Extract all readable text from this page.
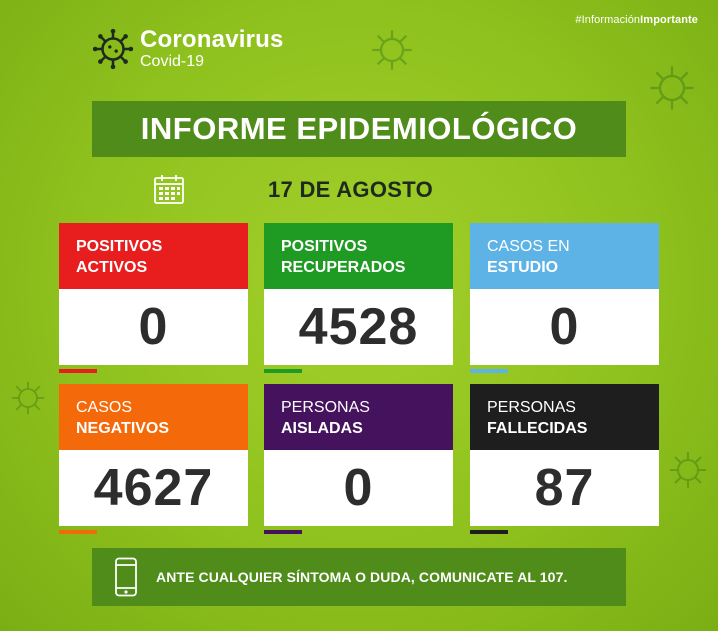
#InformaciónImportante
Coronavirus
Covid-19
INFORME EPIDEMIOLÓGICO
17 DE AGOSTO
POSITIVOS
ACTIVOS
0
POSITIVOS
RECUPERADOS
4528
CASOS EN
ESTUDIO
0
CASOS
NEGATIVOS
4627
PERSONAS
AISLADAS
0
PERSONAS
FALLECIDAS
87
ANTE CUALQUIER SÍNTOMA O DUDA, COMUNICATE AL 107.
